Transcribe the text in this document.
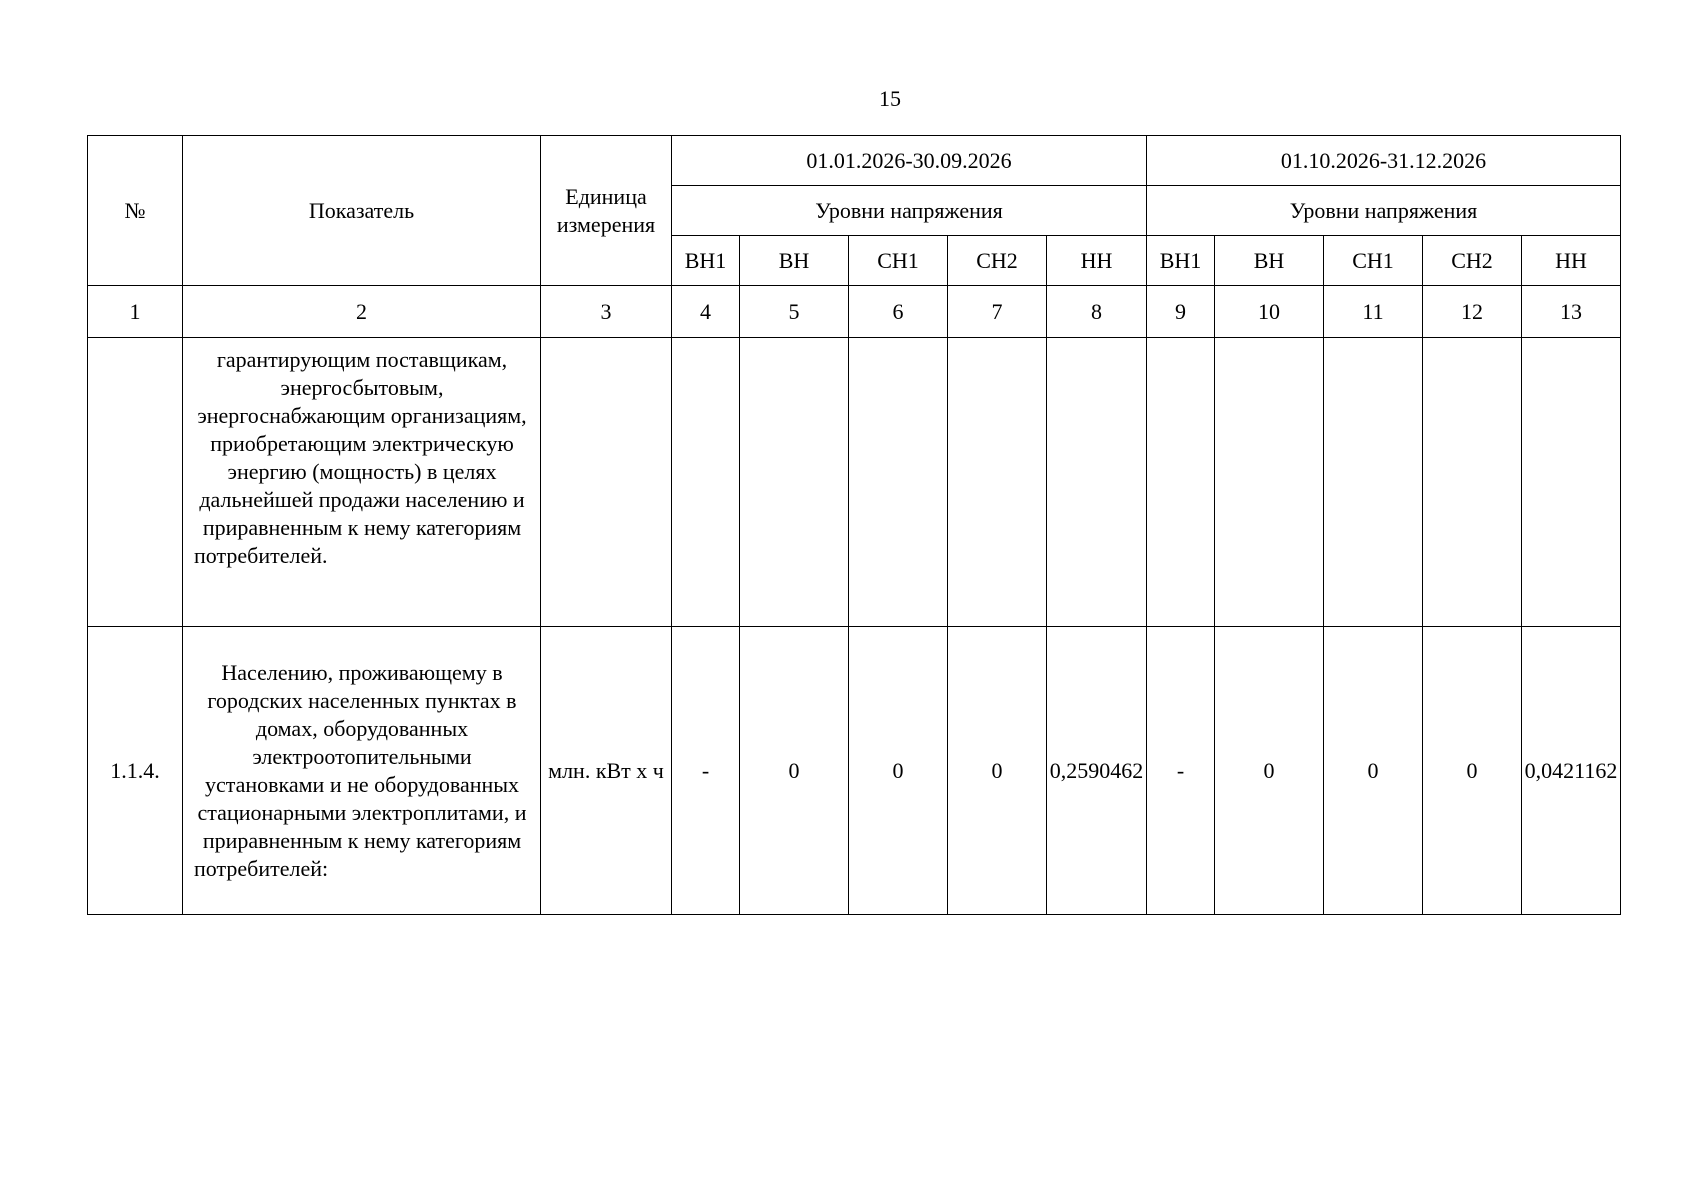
15
№	Показатель	Единица измерения	01.01.2026-30.09.2026					01.10.2026-31.12.2026				
			Уровни напряжения					Уровни напряжения				
			ВН1	ВН	СН1	СН2	НН	ВН1	ВН	СН1	СН2	НН
1	2	3	4	5	6	7	8	9	10	11	12	13
	гарантирующим поставщикам, энергосбытовым, энергоснабжающим организациям, приобретающим электрическую энергию (мощность) в целях дальнейшей продажи населению и приравненным к нему категориям потребителей.											
1.1.4.	Населению, проживающему в городских населенных пунктах в домах, оборудованных электроотопительными установками и не оборудованных стационарными электроплитами, и приравненным к нему категориям потребителей:	млн. кВт х ч	-	0	0	0	0,2590462	-	0	0	0	0,0421162
